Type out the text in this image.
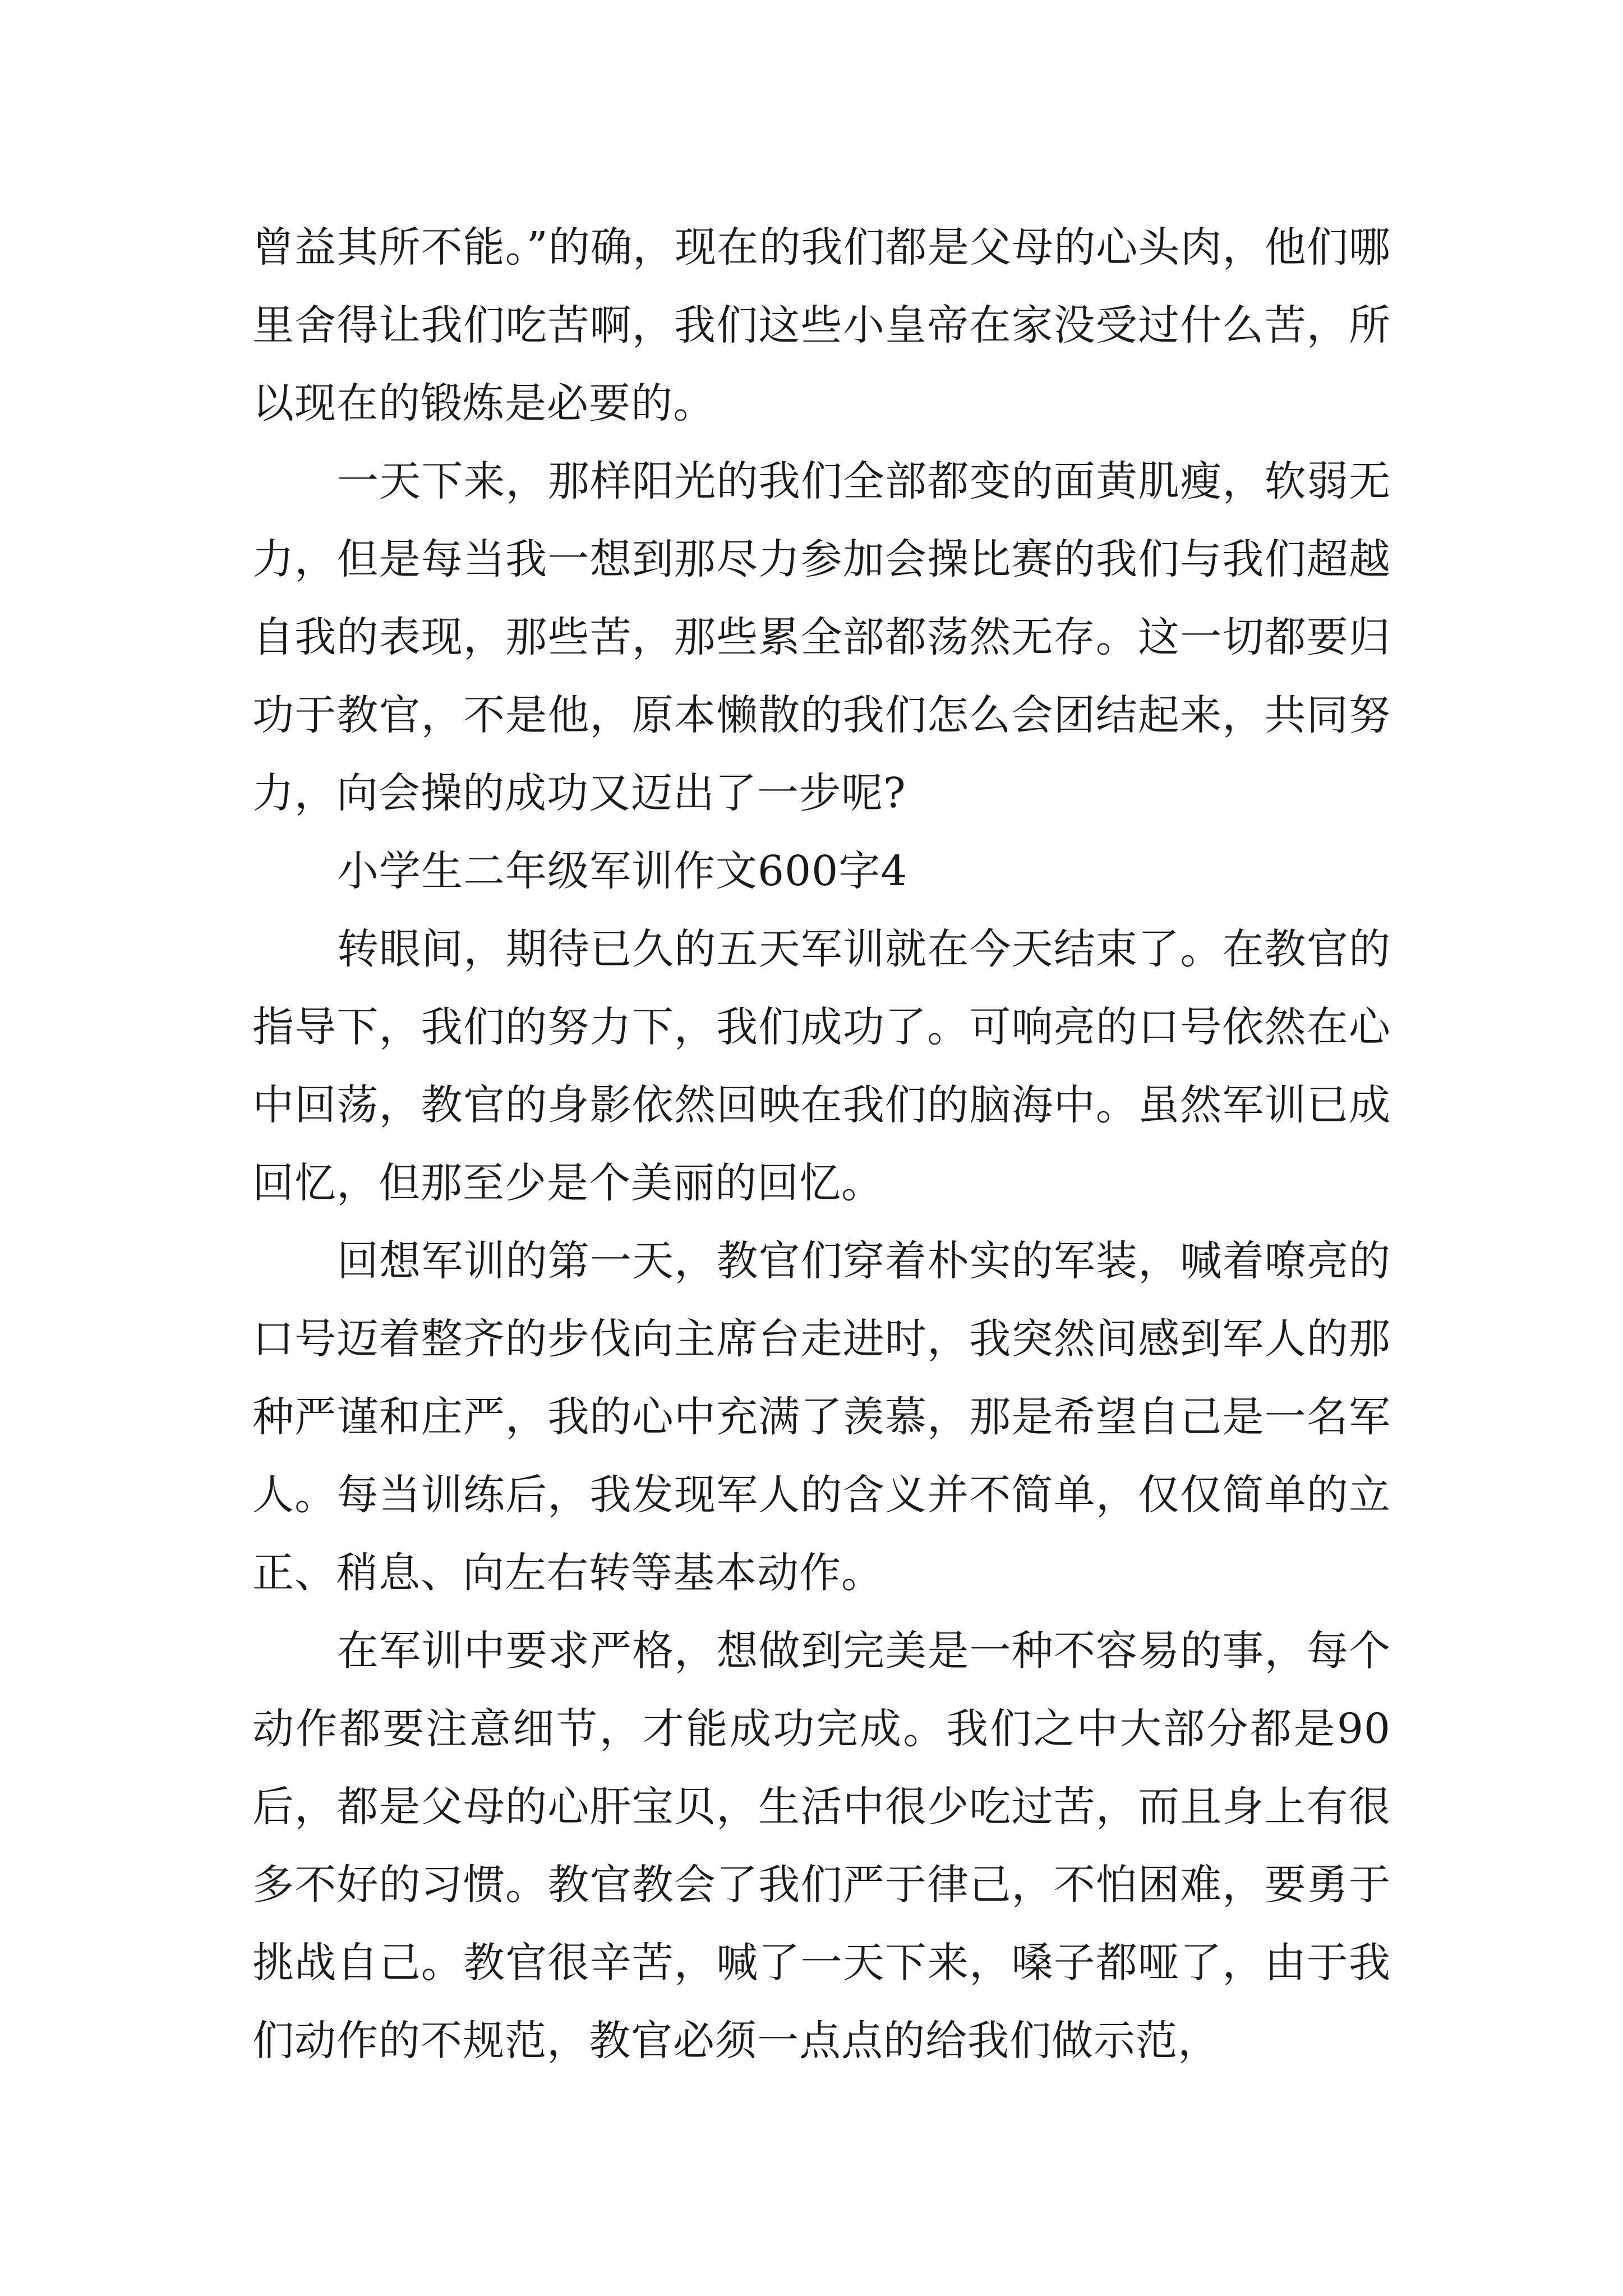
曾益其所不能。”的确，现在的我们都是父母的心头肉，他们哪里舍得让我们吃苦啊，我们这些小皇帝在家没受过什么苦，所以现在的锻炼是必要的。

一天下来，那样阳光的我们全部都变的面黄肌瘦，软弱无力，但是每当我一想到那尽力参加会操比赛的我们与我们超越自我的表现，那些苦，那些累全部都荡然无存。这一切都要归功于教官，不是他，原本懒散的我们怎么会团结起来，共同努力，向会操的成功又迈出了一步呢?

小学生二年级军训作文600字4

转眼间，期待已久的五天军训就在今天结束了。在教官的指导下，我们的努力下，我们成功了。可响亮的口号依然在心中回荡，教官的身影依然回映在我们的脑海中。虽然军训已成回忆，但那至少是个美丽的回忆。

回想军训的第一天，教官们穿着朴实的军装，喊着嘹亮的口号迈着整齐的步伐向主席台走进时，我突然间感到军人的那种严谨和庄严，我的心中充满了羡慕，那是希望自己是一名军人。每当训练后，我发现军人的含义并不简单，仅仅简单的立正、稍息、向左右转等基本动作。

在军训中要求严格，想做到完美是一种不容易的事，每个动作都要注意细节，才能成功完成。我们之中大部分都是90后，都是父母的心肝宝贝，生活中很少吃过苦，而且身上有很多不好的习惯。教官教会了我们严于律己，不怕困难，要勇于挑战自己。教官很辛苦，喊了一天下来，嗓子都哑了，由于我们动作的不规范，教官必须一点点的给我们做示范，
